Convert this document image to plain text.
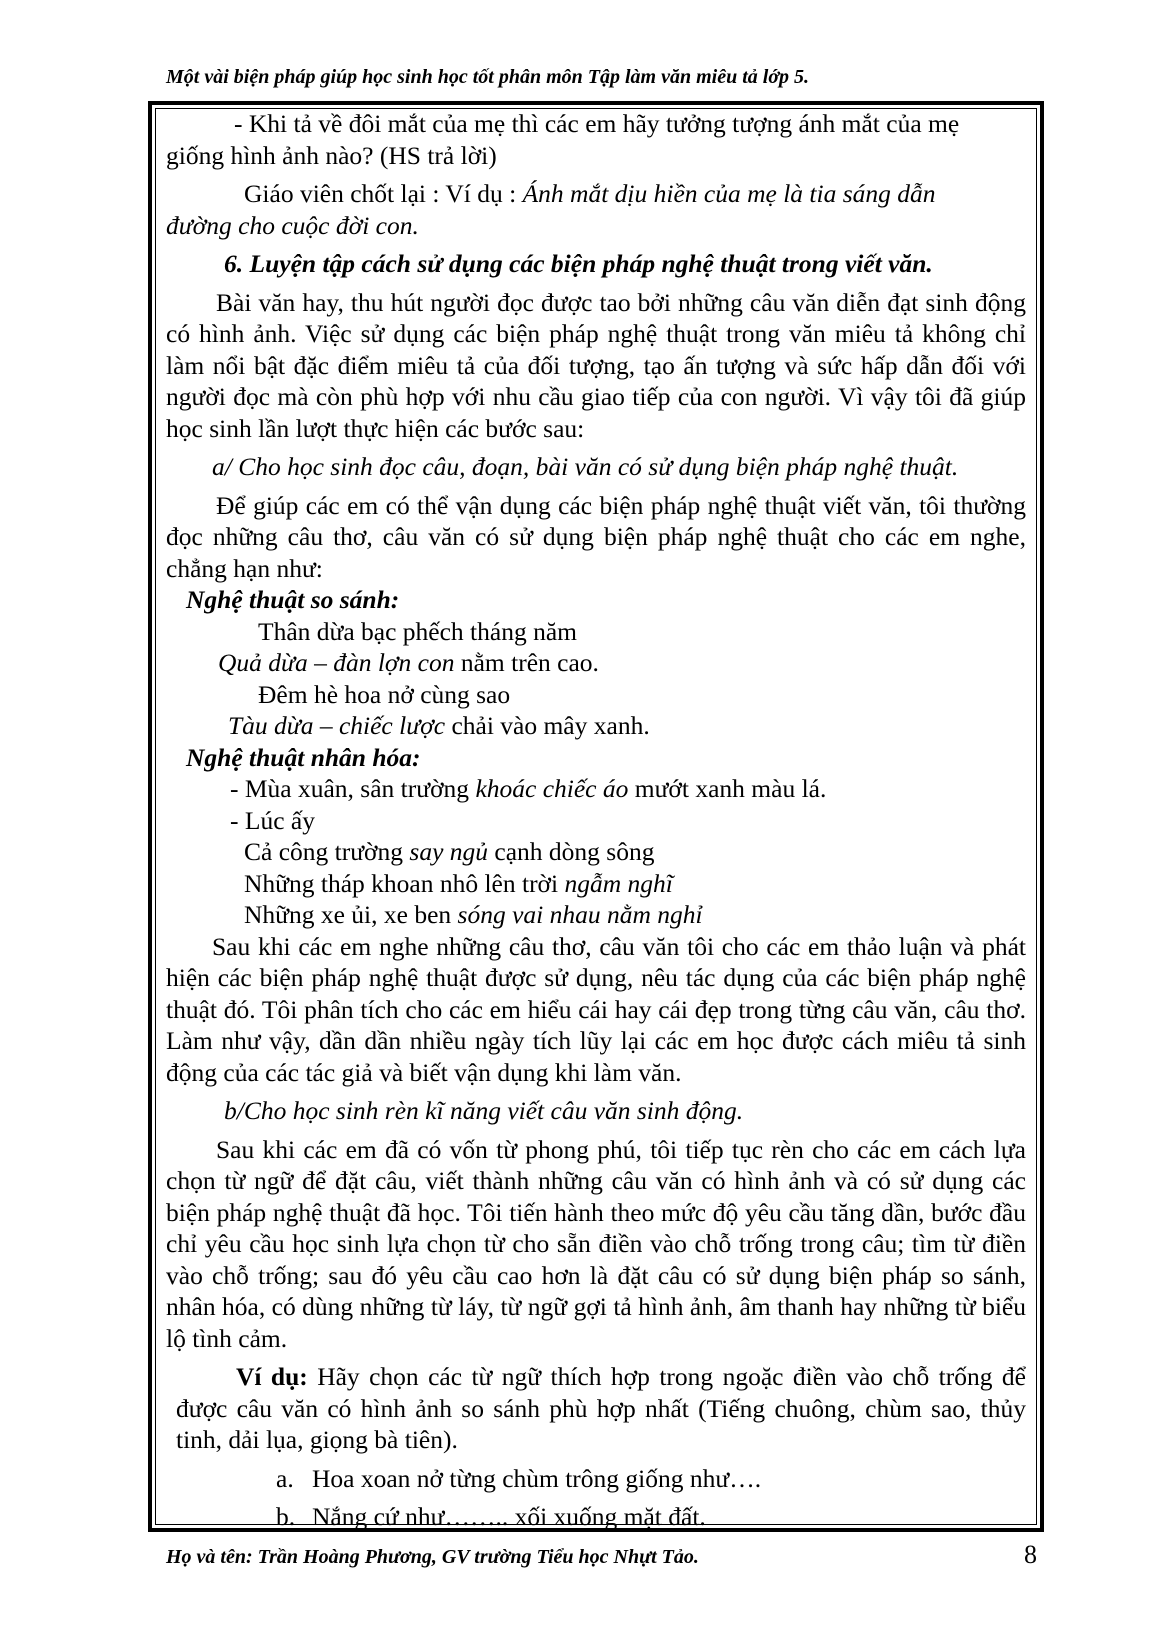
Một vài biện pháp giúp học sinh học tốt phân môn Tập làm văn miêu tả lớp 5.

- Khi tả về đôi mắt của mẹ thì các em hãy tưởng tượng ánh mắt của mẹ

giống hình ảnh nào? (HS trả lời)

Giáo viên chốt lại : Ví dụ : Ánh mắt dịu hiền của mẹ là tia sáng dẫn

đường cho cuộc đời con.

6. Luyện tập cách sử dụng các biện pháp nghệ thuật trong viết văn.

Bài văn hay, thu hút người đọc được tao bởi những câu văn diễn đạt sinh động có hình ảnh. Việc sử dụng các biện pháp nghệ thuật trong văn miêu tả không chỉ làm nổi bật đặc điểm miêu tả của đối tượng, tạo ấn tượng và sức hấp dẫn đối với người đọc mà còn phù hợp với nhu cầu giao tiếp của con người. Vì vậy tôi đã giúp học sinh lần lượt thực hiện các bước sau:

a/ Cho học sinh đọc câu, đoạn, bài văn có sử dụng biện pháp nghệ thuật.

Để giúp các em có thể vận dụng các biện pháp nghệ thuật viết văn, tôi thường đọc những câu thơ, câu văn có sử dụng biện pháp nghệ thuật cho các em nghe, chẳng hạn như:

Nghệ thuật so sánh:

Thân dừa bạc phếch tháng năm

Quả dừa – đàn lợn con nằm trên cao.

Đêm hè hoa nở cùng sao

Tàu dừa – chiếc lược chải vào mây xanh.

Nghệ thuật nhân hóa:

- Mùa xuân, sân trường khoác chiếc áo mướt xanh màu lá.

- Lúc ấy

Cả công trường say ngủ cạnh dòng sông

Những tháp khoan nhô lên trời ngẫm nghĩ

Những xe ủi, xe ben sóng vai nhau nằm nghỉ

Sau khi các em nghe những câu thơ, câu văn tôi cho các em thảo luận và phát hiện các biện pháp nghệ thuật được sử dụng, nêu tác dụng của các biện pháp nghệ thuật đó. Tôi phân tích cho các em hiểu cái hay cái đẹp trong từng câu văn, câu thơ. Làm như vậy, dần dần nhiều ngày tích lũy lại các em học được cách miêu tả sinh động của các tác giả và biết vận dụng khi làm văn.

b/Cho học sinh rèn kĩ năng viết câu văn sinh động.

Sau khi các em đã có vốn từ phong phú, tôi tiếp tục rèn cho các em cách lựa chọn từ ngữ để đặt câu, viết thành những câu văn có hình ảnh và có sử dụng các biện pháp nghệ thuật đã học. Tôi tiến hành theo mức độ yêu cầu tăng dần, bước đầu chỉ yêu cầu học sinh lựa chọn từ cho sẵn điền vào chỗ trống trong câu; tìm từ điền vào chỗ trống; sau đó yêu cầu cao hơn là đặt câu có sử dụng biện pháp so sánh, nhân hóa, có dùng những từ láy, từ ngữ gợi tả hình ảnh, âm thanh hay những từ biểu lộ tình cảm.

Ví dụ: Hãy chọn các từ ngữ thích hợp trong ngoặc điền vào chỗ trống để được câu văn có hình ảnh so sánh phù hợp nhất (Tiếng chuông, chùm sao, thủy tinh, dải lụa, giọng bà tiên).

a. Hoa xoan nở từng chùm trông giống như….

b. Nắng cứ như…….. xối xuống mặt đất.

Họ và tên: Trần Hoàng Phương, GV trường Tiểu học Nhựt Tảo.	8
